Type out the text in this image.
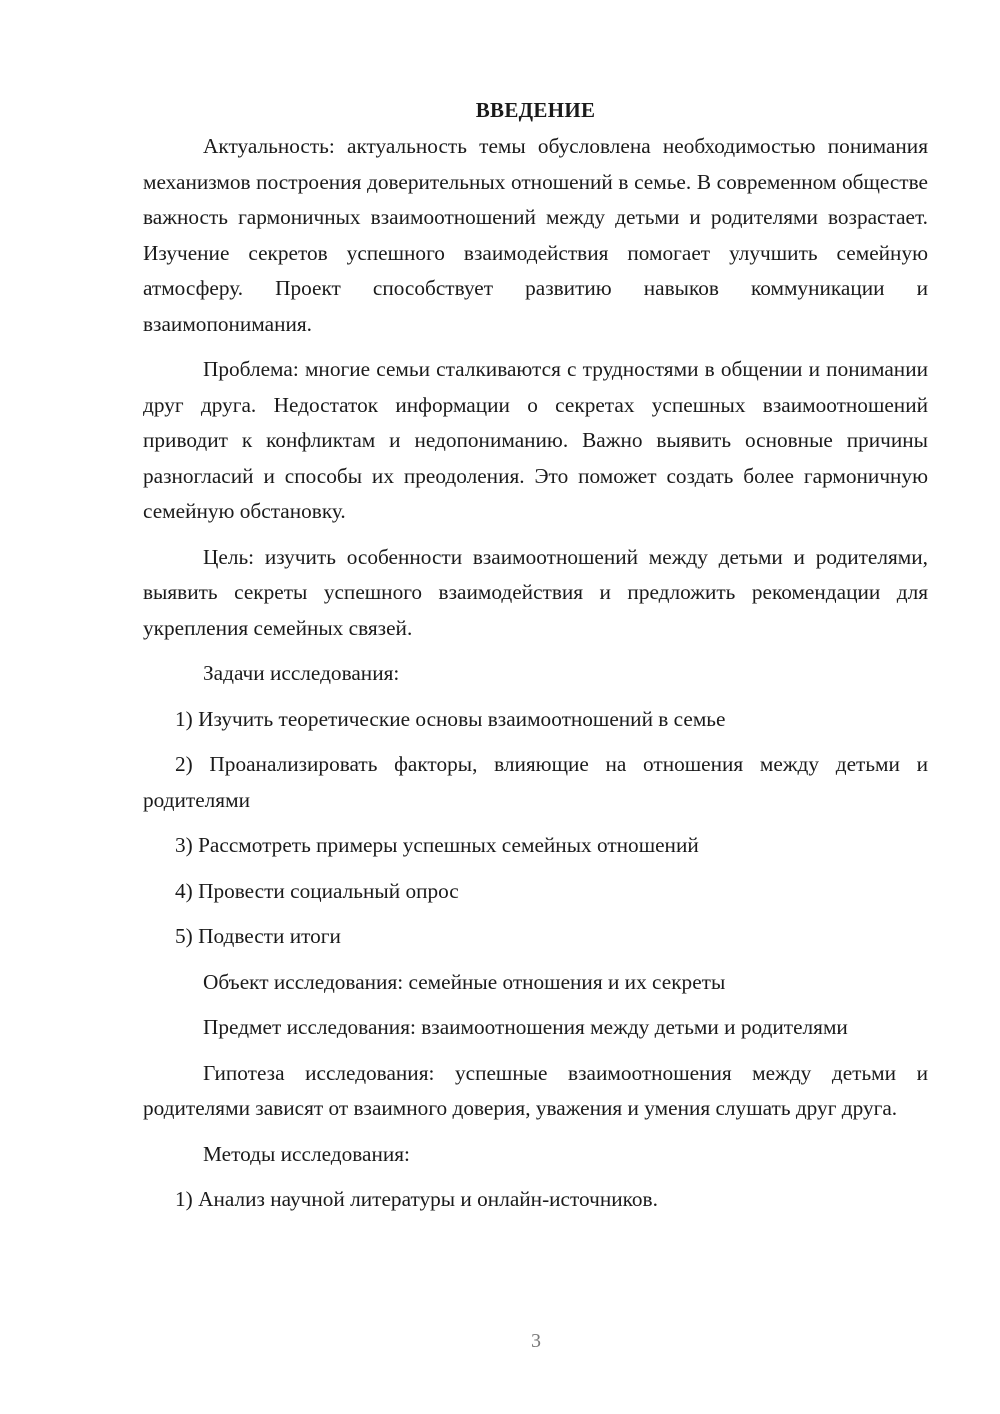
ВВЕДЕНИЕ

Актуальность: актуальность темы обусловлена необходимостью понимания механизмов построения доверительных отношений в семье. В современном обществе важность гармоничных взаимоотношений между детьми и родителями возрастает. Изучение секретов успешного взаимодействия помогает улучшить семейную атмосферу. Проект способствует развитию навыков коммуникации и взаимопонимания.

Проблема: многие семьи сталкиваются с трудностями в общении и понимании друг друга. Недостаток информации о секретах успешных взаимоотношений приводит к конфликтам и недопониманию. Важно выявить основные причины разногласий и способы их преодоления. Это поможет создать более гармоничную семейную обстановку.

Цель: изучить особенности взаимоотношений между детьми и родителями, выявить секреты успешного взаимодействия и предложить рекомендации для укрепления семейных связей.

Задачи исследования:

1) Изучить теоретические основы взаимоотношений в семье

2) Проанализировать факторы, влияющие на отношения между детьми и родителями

3) Рассмотреть примеры успешных семейных отношений

4) Провести социальный опрос

5) Подвести итоги

Объект исследования: семейные отношения и их секреты

Предмет исследования: взаимоотношения между детьми и родителями

Гипотеза исследования: успешные взаимоотношения между детьми и родителями зависят от взаимного доверия, уважения и умения слушать друг друга.

Методы исследования:

1) Анализ научной литературы и онлайн-источников.

3
